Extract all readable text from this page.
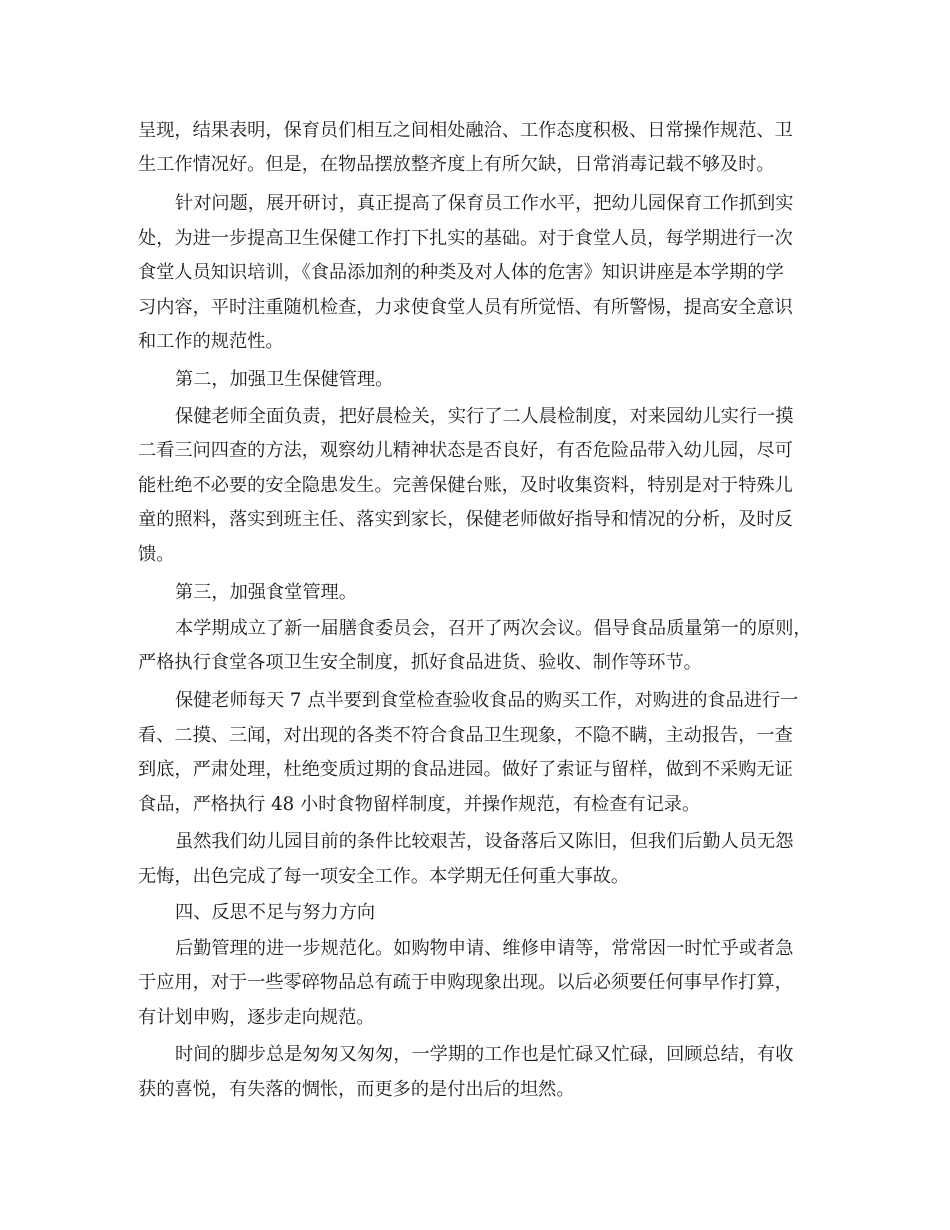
呈现，结果表明，保育员们相互之间相处融洽、工作态度积极、日常操作规范、卫
生工作情况好。但是，在物品摆放整齐度上有所欠缺，日常消毒记载不够及时。
针对问题，展开研讨，真正提高了保育员工作水平，把幼儿园保育工作抓到实
处，为进一步提高卫生保健工作打下扎实的基础。对于食堂人员，每学期进行一次
食堂人员知识培训，《食品添加剂的种类及对人体的危害》知识讲座是本学期的学
习内容，平时注重随机检查，力求使食堂人员有所觉悟、有所警惕，提高安全意识
和工作的规范性。
第二，加强卫生保健管理。
保健老师全面负责，把好晨检关，实行了二人晨检制度，对来园幼儿实行一摸
二看三问四查的方法，观察幼儿精神状态是否良好，有否危险品带入幼儿园，尽可
能杜绝不必要的安全隐患发生。完善保健台账，及时收集资料，特别是对于特殊儿
童的照料，落实到班主任、落实到家长，保健老师做好指导和情况的分析，及时反
馈。
第三，加强食堂管理。
本学期成立了新一届膳食委员会，召开了两次会议。倡导食品质量第一的原则，
严格执行食堂各项卫生安全制度，抓好食品进货、验收、制作等环节。
保健老师每天 7 点半要到食堂检查验收食品的购买工作，对购进的食品进行一
看、二摸、三闻，对出现的各类不符合食品卫生现象，不隐不瞒，主动报告，一查
到底，严肃处理，杜绝变质过期的食品进园。做好了索证与留样，做到不采购无证
食品，严格执行 48 小时食物留样制度，并操作规范，有检查有记录。
虽然我们幼儿园目前的条件比较艰苦，设备落后又陈旧，但我们后勤人员无怨
无悔，出色完成了每一项安全工作。本学期无任何重大事故。
四、反思不足与努力方向
后勤管理的进一步规范化。如购物申请、维修申请等，常常因一时忙乎或者急
于应用，对于一些零碎物品总有疏于申购现象出现。以后必须要任何事早作打算，
有计划申购，逐步走向规范。
时间的脚步总是匆匆又匆匆，一学期的工作也是忙碌又忙碌，回顾总结，有收
获的喜悦，有失落的惆怅，而更多的是付出后的坦然。
